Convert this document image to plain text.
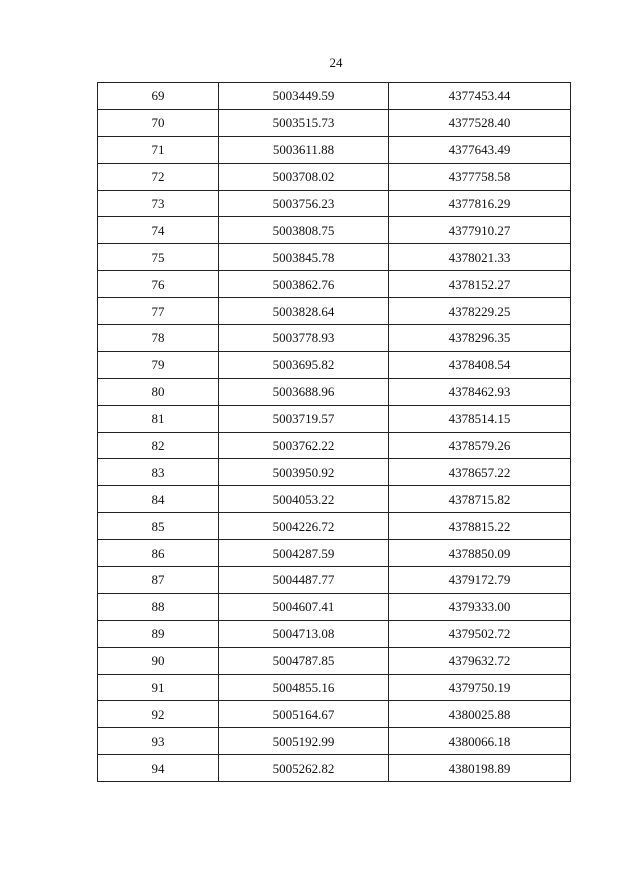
24
69	5003449.59	4377453.44
70	5003515.73	4377528.40
71	5003611.88	4377643.49
72	5003708.02	4377758.58
73	5003756.23	4377816.29
74	5003808.75	4377910.27
75	5003845.78	4378021.33
76	5003862.76	4378152.27
77	5003828.64	4378229.25
78	5003778.93	4378296.35
79	5003695.82	4378408.54
80	5003688.96	4378462.93
81	5003719.57	4378514.15
82	5003762.22	4378579.26
83	5003950.92	4378657.22
84	5004053.22	4378715.82
85	5004226.72	4378815.22
86	5004287.59	4378850.09
87	5004487.77	4379172.79
88	5004607.41	4379333.00
89	5004713.08	4379502.72
90	5004787.85	4379632.72
91	5004855.16	4379750.19
92	5005164.67	4380025.88
93	5005192.99	4380066.18
94	5005262.82	4380198.89
